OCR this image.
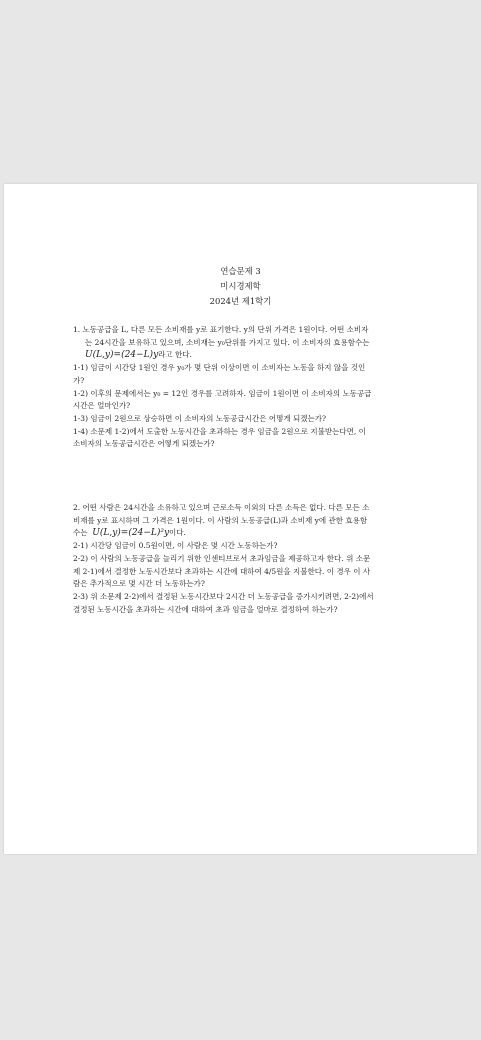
연습문제 3
미시경제학
2024년 제1학기
1. 노동공급을 L, 다른 모든 소비재를 y로 표기한다. y의 단위 가격은 1원이다. 어떤 소비자
는 24시간을 보유하고 있으며, 소비재는 y₀단위를 가지고 있다. 이 소비자의 효용함수는
U(L,y)=(24−L)y라고 한다.
1-1) 임금이 시간당 1원인 경우 y₀가 몇 단위 이상이면 이 소비자는 노동을 하지 않을 것인
가?
1-2) 이후의 문제에서는 y₀ = 12인 경우를 고려하자. 임금이 1원이면 이 소비자의 노동공급
시간은 얼마인가?
1-3) 임금이 2원으로 상승하면 이 소비자의 노동공급시간은 어떻게 되겠는가?
1-4) 소문제 1-2)에서 도출한 노동시간을 초과하는 경우 임금을 2원으로 지불받는다면, 이
소비자의 노동공급시간은 어떻게 되겠는가?
2. 어떤 사람은 24시간을 소유하고 있으며 근로소득 이외의 다른 소득은 없다. 다른 모든 소
비재를 y로 표시하며 그 가격은 1원이다. 이 사람의 노동공급(L)과 소비재 y에 관한 효용함
수는 U(L,y)=(24−L)²y이다.
2-1) 시간당 임금이 0.5원이면, 이 사람은 몇 시간 노동하는가?
2-2) 이 사람의 노동공급을 늘리기 위한 인센티브로서 초과임금을 제공하고자 한다. 위 소문
제 2-1)에서 결정한 노동시간보다 초과하는 시간에 대하여 4/5원을 지불한다. 이 경우 이 사
람은 추가적으로 몇 시간 더 노동하는가?
2-3) 위 소문제 2-2)에서 결정된 노동시간보다 2시간 더 노동공급을 증가시키려면, 2-2)에서
결정된 노동시간을 초과하는 시간에 대하여 초과 임금을 얼마로 결정하여 하는가?
